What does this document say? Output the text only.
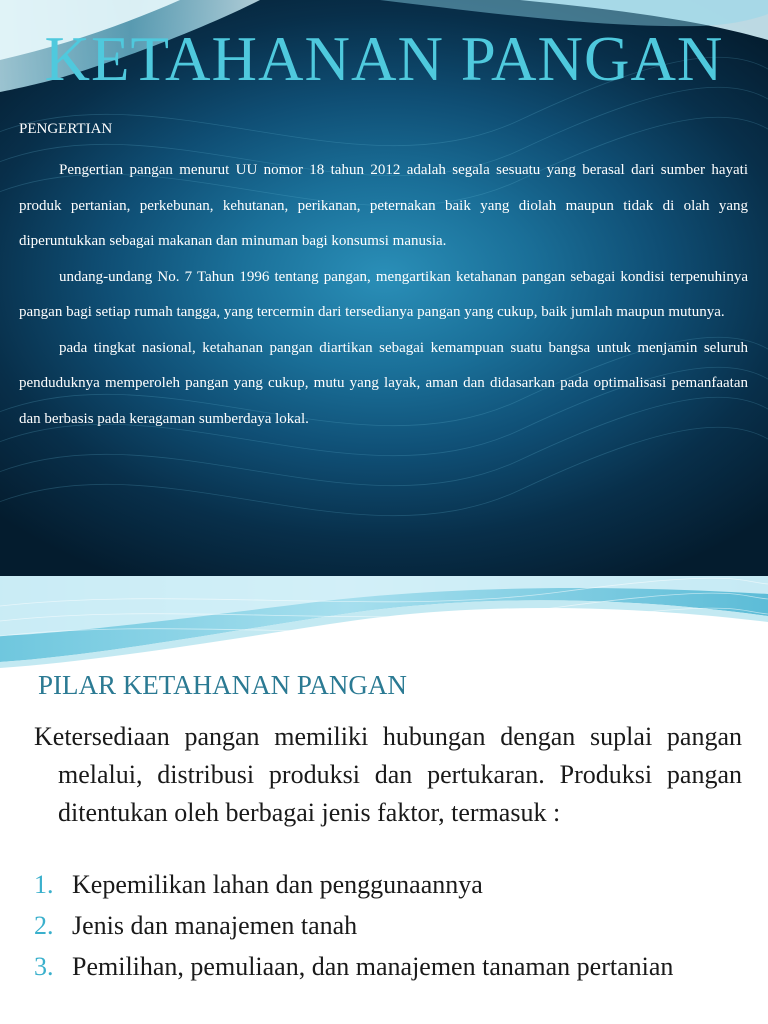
KETAHANAN PANGAN
PENGERTIAN

Pengertian pangan menurut UU nomor 18 tahun 2012 adalah segala sesuatu yang berasal dari sumber hayati produk pertanian, perkebunan, kehutanan, perikanan, peternakan baik yang diolah maupun tidak di olah yang diperuntukkan sebagai makanan dan minuman bagi konsumsi manusia.

undang-undang No. 7 Tahun 1996 tentang pangan, mengartikan ketahanan pangan sebagai kondisi terpenuhinya pangan bagi setiap rumah tangga, yang tercermin dari tersedianya pangan yang cukup, baik jumlah maupun mutunya.

pada tingkat nasional, ketahanan pangan diartikan sebagai kemampuan suatu bangsa untuk menjamin seluruh penduduknya memperoleh pangan yang cukup, mutu yang layak, aman dan didasarkan pada optimalisasi pemanfaatan dan berbasis pada keragaman sumberdaya lokal.

PILAR KETAHANAN PANGAN

Ketersediaan pangan memiliki hubungan dengan suplai pangan melalui, distribusi produksi dan pertukaran. Produksi pangan ditentukan oleh berbagai jenis faktor, termasuk :

1. Kepemilikan lahan dan penggunaannya
2. Jenis dan manajemen tanah
3. Pemilihan, pemuliaan, dan manajemen tanaman pertanian
